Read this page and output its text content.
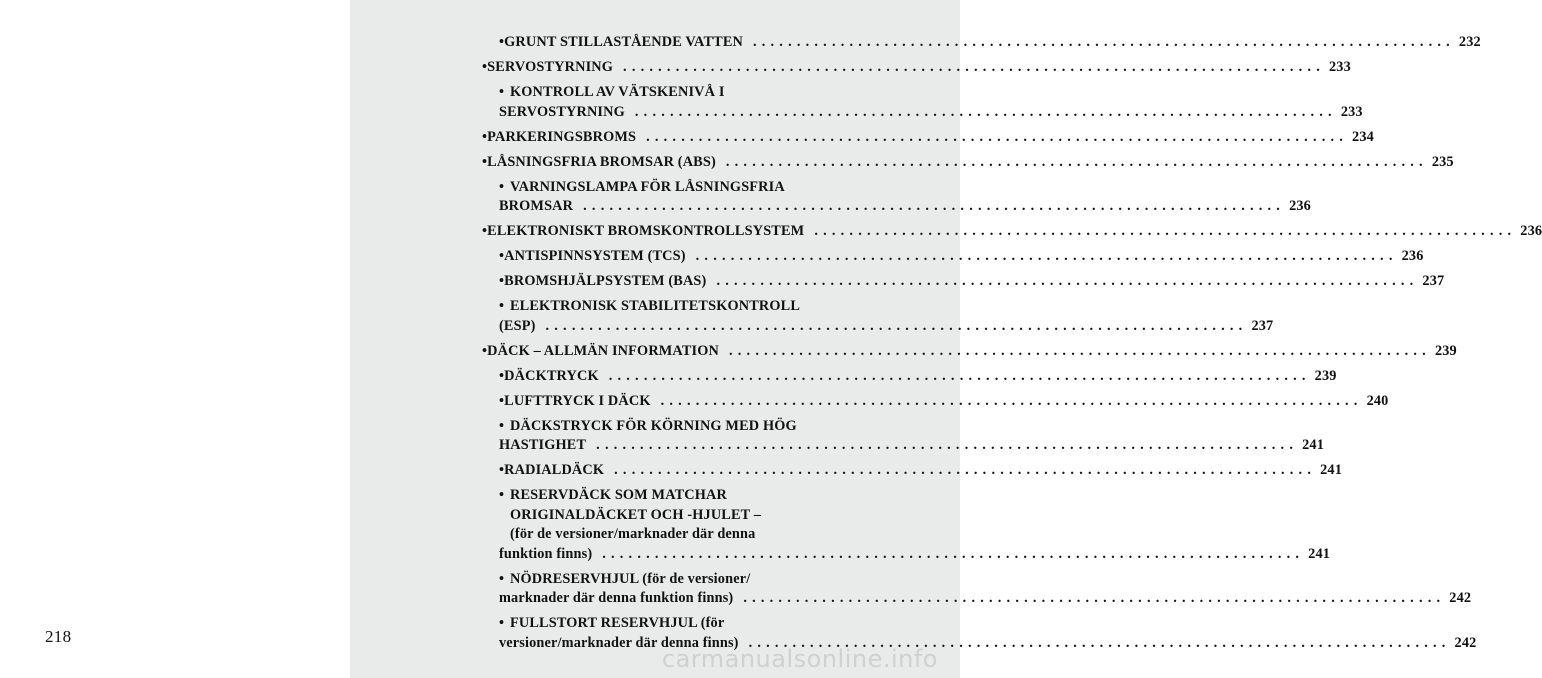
218
• GRUNT STILLASTÅENDE VATTEN ................................................................................ 232
• SERVOSTYRNING ................................................................................ 233
• KONTROLL AV VÄTSKENIVÅ I
SERVOSTYRNING ................................................................................ 233
• PARKERINGSBROMS ................................................................................ 234
• LÅSNINGSFRIA BROMSAR (ABS) ................................................................................ 235
• VARNINGSLAMPA FÖR LÅSNINGSFRIA
BROMSAR ................................................................................ 236
• ELEKTRONISKT BROMSKONTROLLSYSTEM ................................................................................ 236
• ANTISPINNSYSTEM (TCS) ................................................................................ 236
• BROMSHJÄLPSYSTEM (BAS) ................................................................................ 237
• ELEKTRONISK STABILITETSKONTROLL
(ESP) ................................................................................ 237
• DÄCK – ALLMÄN INFORMATION ................................................................................ 239
• DÄCKTRYCK ................................................................................ 239
• LUFTTRYCK I DÄCK ................................................................................ 240
• DÄCKSTRYCK FÖR KÖRNING MED HÖG
HASTIGHET ................................................................................ 241
• RADIALDÄCK ................................................................................ 241
• RESERVDÄCK SOM MATCHAR
ORIGINALDÄCKET OCH -HJULET –
(för de versioner/marknader där denna
funktion finns) ................................................................................ 241
• NÖDRESERVHJUL (för de versioner/
marknader där denna funktion finns) ................................................................................ 242
• FULLSTORT RESERVHJUL (för
versioner/marknader där denna finns) ................................................................................ 242
carmanualsonline.info
